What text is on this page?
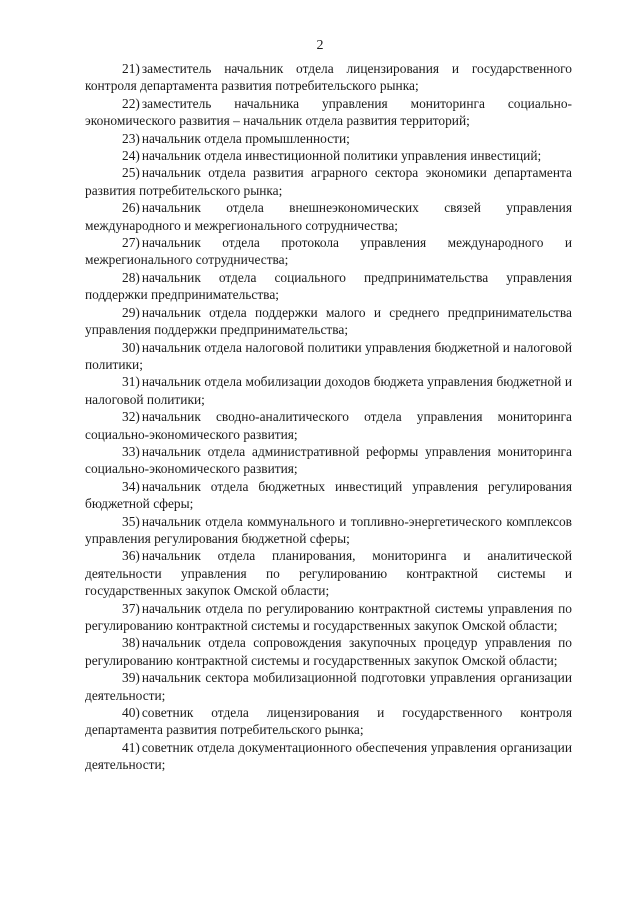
2

21) заместитель начальник отдела лицензирования и государственного контроля департамента развития потребительского рынка;

22) заместитель начальника управления мониторинга социально-экономического развития – начальник отдела развития территорий;

23) начальник отдела промышленности;

24) начальник отдела инвестиционной политики управления инвестиций;

25) начальник отдела развития аграрного сектора экономики департамента развития потребительского рынка;

26) начальник отдела внешнеэкономических связей управления международного и межрегионального сотрудничества;

27) начальник отдела протокола управления международного и межрегионального сотрудничества;

28) начальник отдела социального предпринимательства управления поддержки предпринимательства;

29) начальник отдела поддержки малого и среднего предпринимательства управления поддержки предпринимательства;

30) начальник отдела налоговой политики управления бюджетной и налоговой политики;

31) начальник отдела мобилизации доходов бюджета управления бюджетной и налоговой политики;

32) начальник сводно-аналитического отдела управления мониторинга социально-экономического развития;

33) начальник отдела административной реформы управления мониторинга социально-экономического развития;

34) начальник отдела бюджетных инвестиций управления регулирования бюджетной сферы;

35) начальник отдела коммунального и топливно-энергетического комплексов управления регулирования бюджетной сферы;

36) начальник отдела планирования, мониторинга и аналитической деятельности управления по регулированию контрактной системы и государственных закупок Омской области;

37) начальник отдела по регулированию контрактной системы управления по регулированию контрактной системы и государственных закупок Омской области;

38) начальник отдела сопровождения закупочных процедур управления по регулированию контрактной системы и государственных закупок Омской области;

39) начальник сектора мобилизационной подготовки управления организации деятельности;

40) советник отдела лицензирования и государственного контроля департамента развития потребительского рынка;

41) советник отдела документационного обеспечения управления организации деятельности;
